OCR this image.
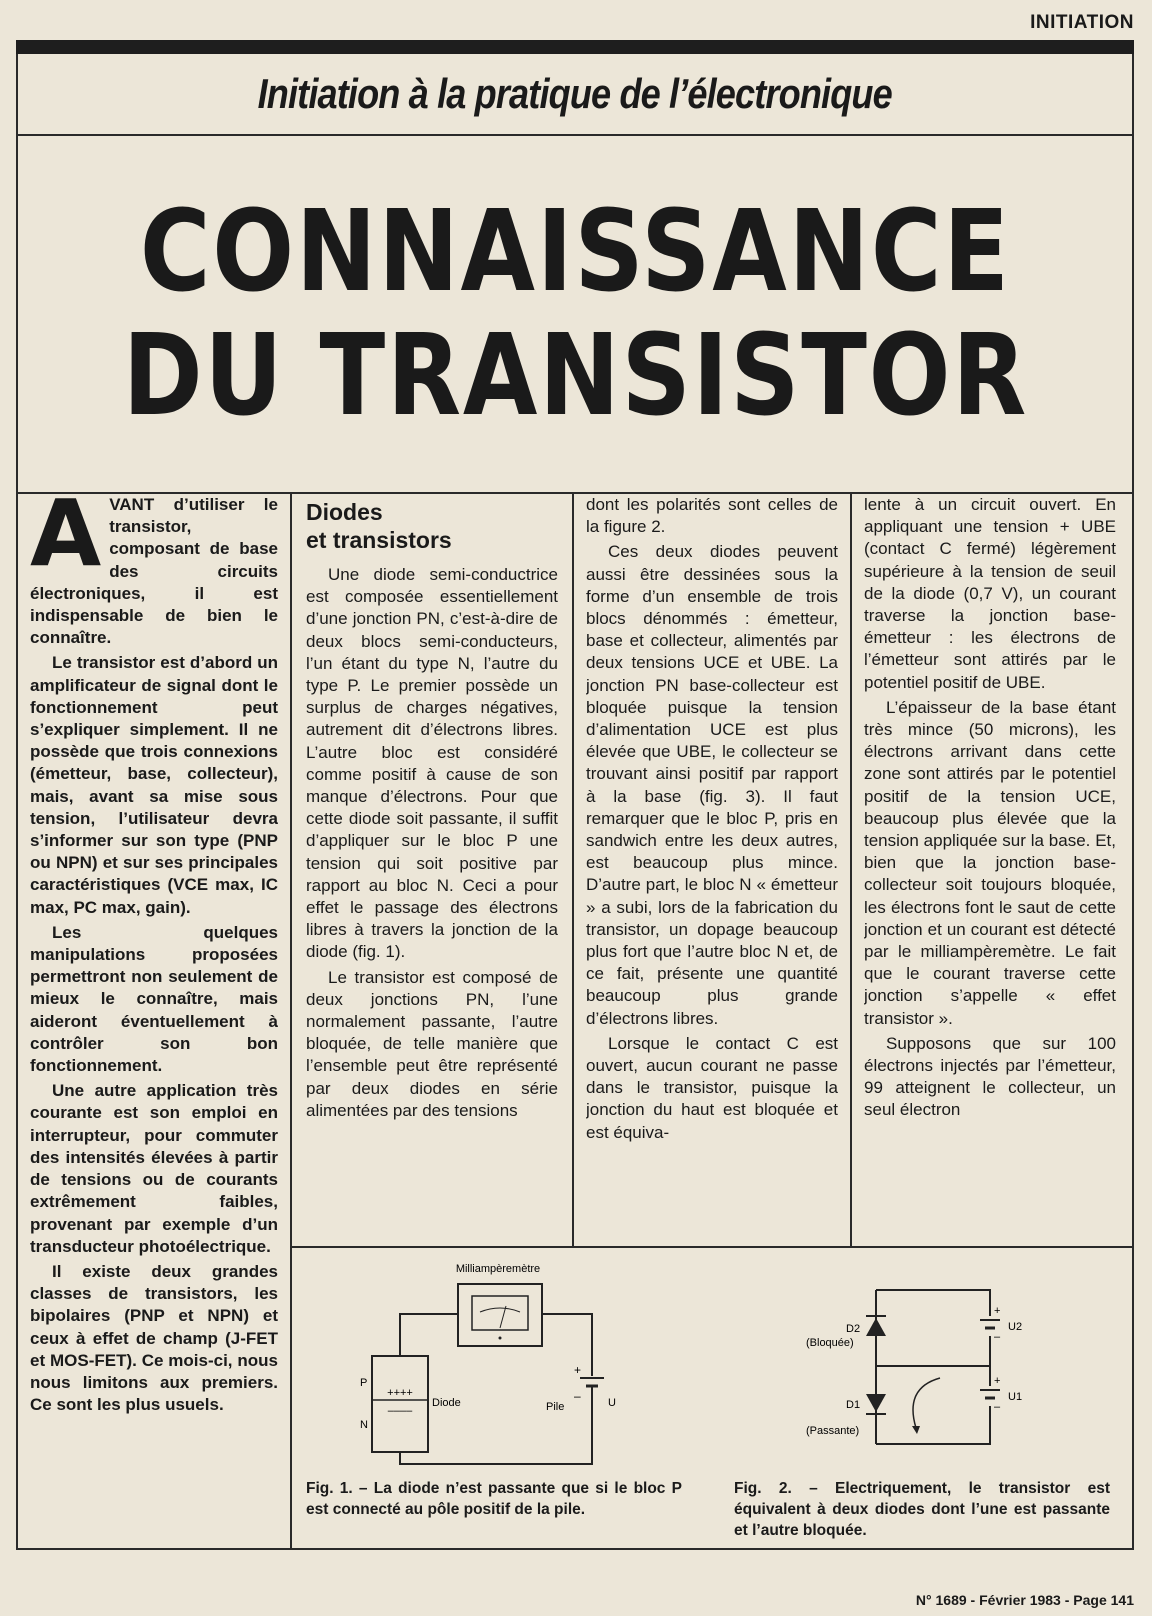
INITIATION
Initiation à la pratique de l’électronique
CONNAISSANCE
DU TRANSISTOR

AVANT d’utiliser le transistor, composant de base des circuits électroniques, il est indispensable de bien le connaître.

Le transistor est d’abord un amplificateur de signal dont le fonctionnement peut s’expliquer simplement. Il ne possède que trois connexions (émetteur, base, collecteur), mais, avant sa mise sous tension, l’utilisateur devra s’informer sur son type (PNP ou NPN) et sur ses principales caractéristiques (VCE max, IC max, PC max, gain).

Les quelques manipulations proposées permettront non seulement de mieux le connaître, mais aideront éventuellement à contrôler son bon fonctionnement.

Une autre application très courante est son emploi en interrupteur, pour commuter des intensités élevées à partir de tensions ou de courants extrêmement faibles, provenant par exemple d’un transducteur photoélectrique.

Il existe deux grandes classes de transistors, les bipolaires (PNP et NPN) et ceux à effet de champ (J-FET et MOS-FET). Ce mois-ci, nous nous limitons aux premiers. Ce sont les plus usuels.

Diodes
et transistors

Une diode semi-conductrice est composée essentiellement d’une jonction PN, c’est-à-dire de deux blocs semi-conducteurs, l’un étant du type N, l’autre du type P. Le premier possède un surplus de charges négatives, autrement dit d’électrons libres. L’autre bloc est considéré comme positif à cause de son manque d’électrons. Pour que cette diode soit passante, il suffit d’appliquer sur le bloc P une tension qui soit positive par rapport au bloc N. Ceci a pour effet le passage des électrons libres à travers la jonction de la diode (fig. 1).

Le transistor est composé de deux jonctions PN, l’une normalement passante, l’autre bloquée, de telle manière que l’ensemble peut être représenté par deux diodes en série alimentées par des tensions

dont les polarités sont celles de la figure 2.

Ces deux diodes peuvent aussi être dessinées sous la forme d’un ensemble de trois blocs dénommés : émetteur, base et collecteur, alimentés par deux tensions UCE et UBE. La jonction PN base-collecteur est bloquée puisque la tension d’alimentation UCE est plus élevée que UBE, le collecteur se trouvant ainsi positif par rapport à la base (fig. 3). Il faut remarquer que le bloc P, pris en sandwich entre les deux autres, est beaucoup plus mince. D’autre part, le bloc N « émetteur » a subi, lors de la fabrication du transistor, un dopage beaucoup plus fort que l’autre bloc N et, de ce fait, présente une quantité beaucoup plus grande d’électrons libres.

Lorsque le contact C est ouvert, aucun courant ne passe dans le transistor, puisque la jonction du haut est bloquée et est équiva-

lente à un circuit ouvert. En appliquant une tension + UBE (contact C fermé) légèrement supérieure à la tension de seuil de la diode (0,7 V), un courant traverse la jonction base-émetteur : les électrons de l’émetteur sont attirés par le potentiel positif de UBE.

L’épaisseur de la base étant très mince (50 microns), les électrons arrivant dans cette zone sont attirés par le potentiel positif de la tension UCE, beaucoup plus élevée que la tension appliquée sur la base. Et, bien que la jonction base-collecteur soit toujours bloquée, les électrons font le saut de cette jonction et un courant est détecté par le milliampèremètre. Le fait que le courant traverse cette jonction s’appelle « effet transistor ».

Supposons que sur 100 électrons injectés par l’émetteur, 99 atteignent le collecteur, un seul électron

Milliampèremètre
P
N
++++
––––
Diode
+
–
Pile	U
Fig. 1. – La diode n’est passante que si le bloc P est connecté au pôle positif de la pile.
D2
(Bloquée)
D1
(Passante)
+
–
U2
+
–
U1
Fig. 2. – Electriquement, le transistor est équivalent à deux diodes dont l’une est passante et l’autre bloquée.
N° 1689 - Février 1983 - Page 141
